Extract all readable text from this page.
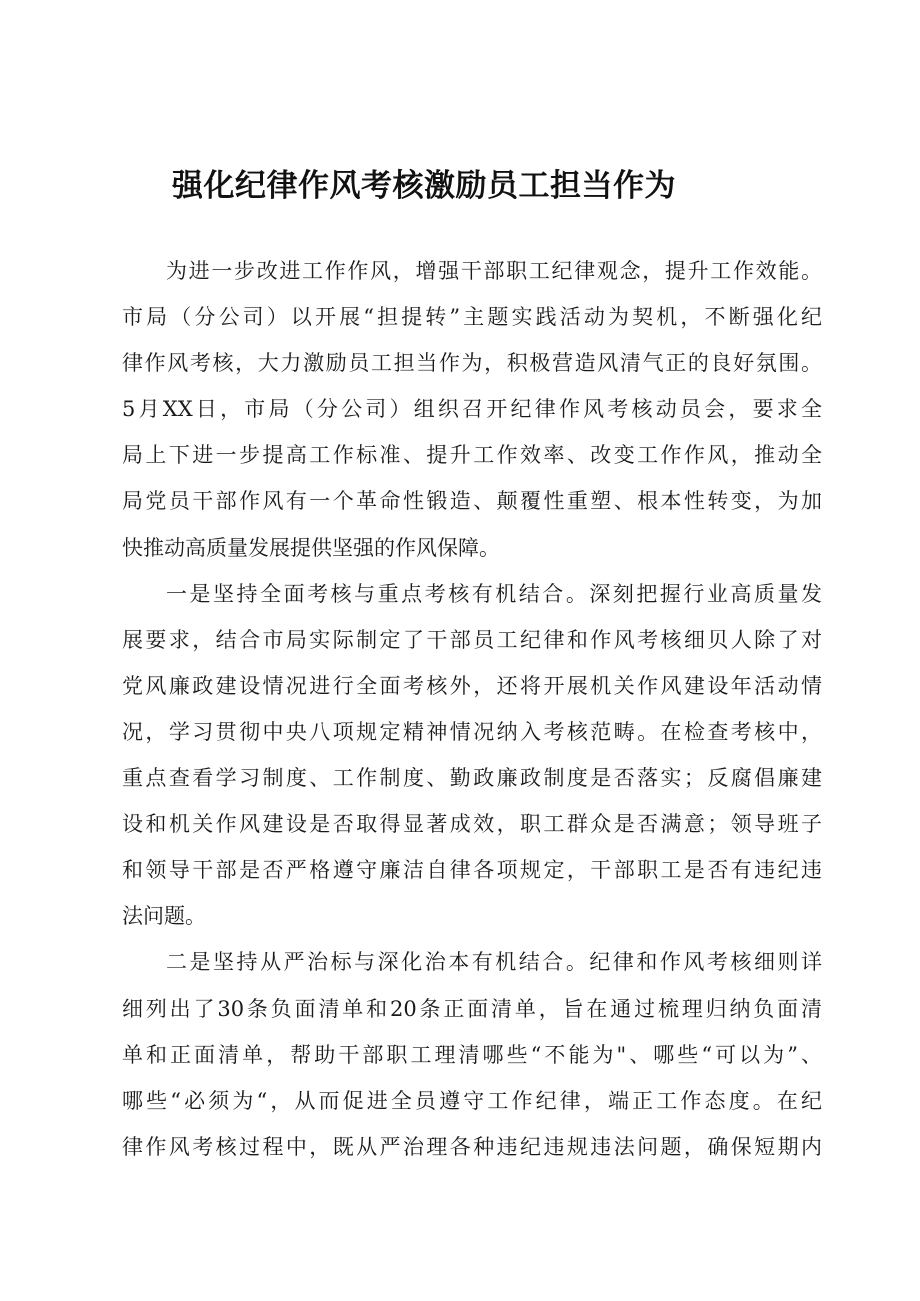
强化纪律作风考核激励员工担当作为
为进一步改进工作作风，增强干部职工纪律观念，提升工作效能。
市局（分公司）以开展“担提转”主题实践活动为契机，不断强化纪
律作风考核，大力激励员工担当作为，积极营造风清气正的良好氛围。
5月XX日，市局（分公司）组织召开纪律作风考核动员会，要求全
局上下进一步提高工作标准、提升工作效率、改变工作作风，推动全
局党员干部作风有一个革命性锻造、颠覆性重塑、根本性转变，为加
快推动高质量发展提供坚强的作风保障。
一是坚持全面考核与重点考核有机结合。深刻把握行业高质量发
展要求，结合市局实际制定了干部员工纪律和作风考核细贝人除了对
党风廉政建设情况进行全面考核外，还将开展机关作风建设年活动情
况，学习贯彻中央八项规定精神情况纳入考核范畴。在检查考核中，
重点查看学习制度、工作制度、勤政廉政制度是否落实；反腐倡廉建
设和机关作风建设是否取得显著成效，职工群众是否满意；领导班子
和领导干部是否严格遵守廉洁自律各项规定，干部职工是否有违纪违
法问题。
二是坚持从严治标与深化治本有机结合。纪律和作风考核细则详
细列出了30条负面清单和20条正面清单，旨在通过梳理归纳负面清
单和正面清单，帮助干部职工理清哪些“不能为"、哪些“可以为”、
哪些“必须为“，从而促进全员遵守工作纪律，端正工作态度。在纪
律作风考核过程中，既从严治理各种违纪违规违法问题，确保短期内
